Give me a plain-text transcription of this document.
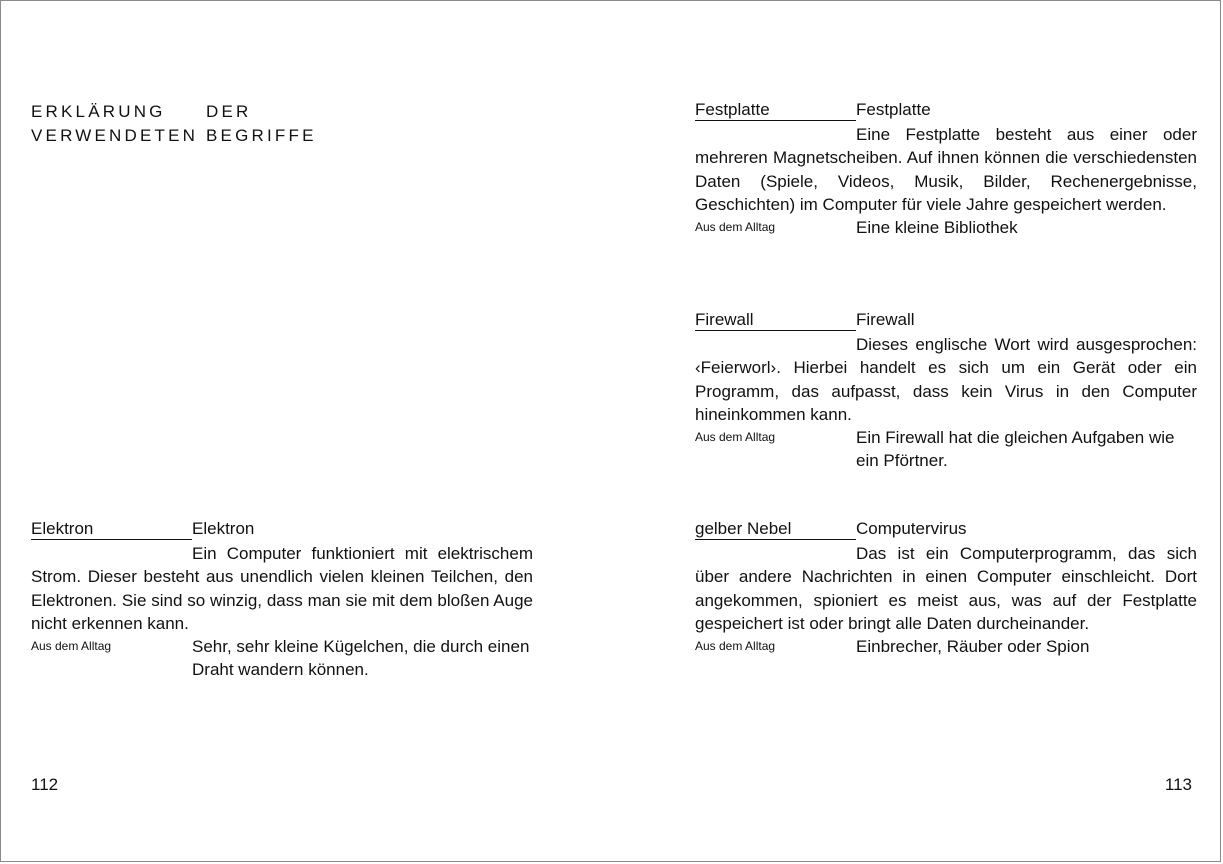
ERKLÄRUNG DER
VERWENDETEN BEGRIFFE
Elektron	Elektron

Ein Computer funktioniert mit elektrischem Strom. Dieser besteht aus unendlich vielen kleinen Teilchen, den Elektronen. Sie sind so winzig, dass man sie mit dem bloßen Auge nicht erkennen kann.

Aus dem Alltag	Sehr, sehr kleine Kügelchen, die durch einen Draht wandern können.
Festplatte	Festplatte

Eine Festplatte besteht aus einer oder mehreren Magnetscheiben. Auf ihnen können die verschiedensten Daten (Spiele, Videos, Musik, Bilder, Rechenergebnisse, Geschichten) im Computer für viele Jahre gespeichert werden.

Aus dem Alltag	Eine kleine Bibliothek
Firewall	Firewall

Dieses englische Wort wird ausgesprochen: ‹Feierworl›. Hierbei handelt es sich um ein Gerät oder ein Programm, das aufpasst, dass kein Virus in den Computer hineinkommen kann.

Aus dem Alltag	Ein Firewall hat die gleichen Aufgaben wie ein Pförtner.
gelber Nebel	Computervirus

Das ist ein Computerprogramm, das sich über andere Nachrichten in einen Computer einschleicht. Dort angekommen, spioniert es meist aus, was auf der Festplatte gespeichert ist oder bringt alle Daten durcheinander.

Aus dem Alltag	Einbrecher, Räuber oder Spion
112	113
